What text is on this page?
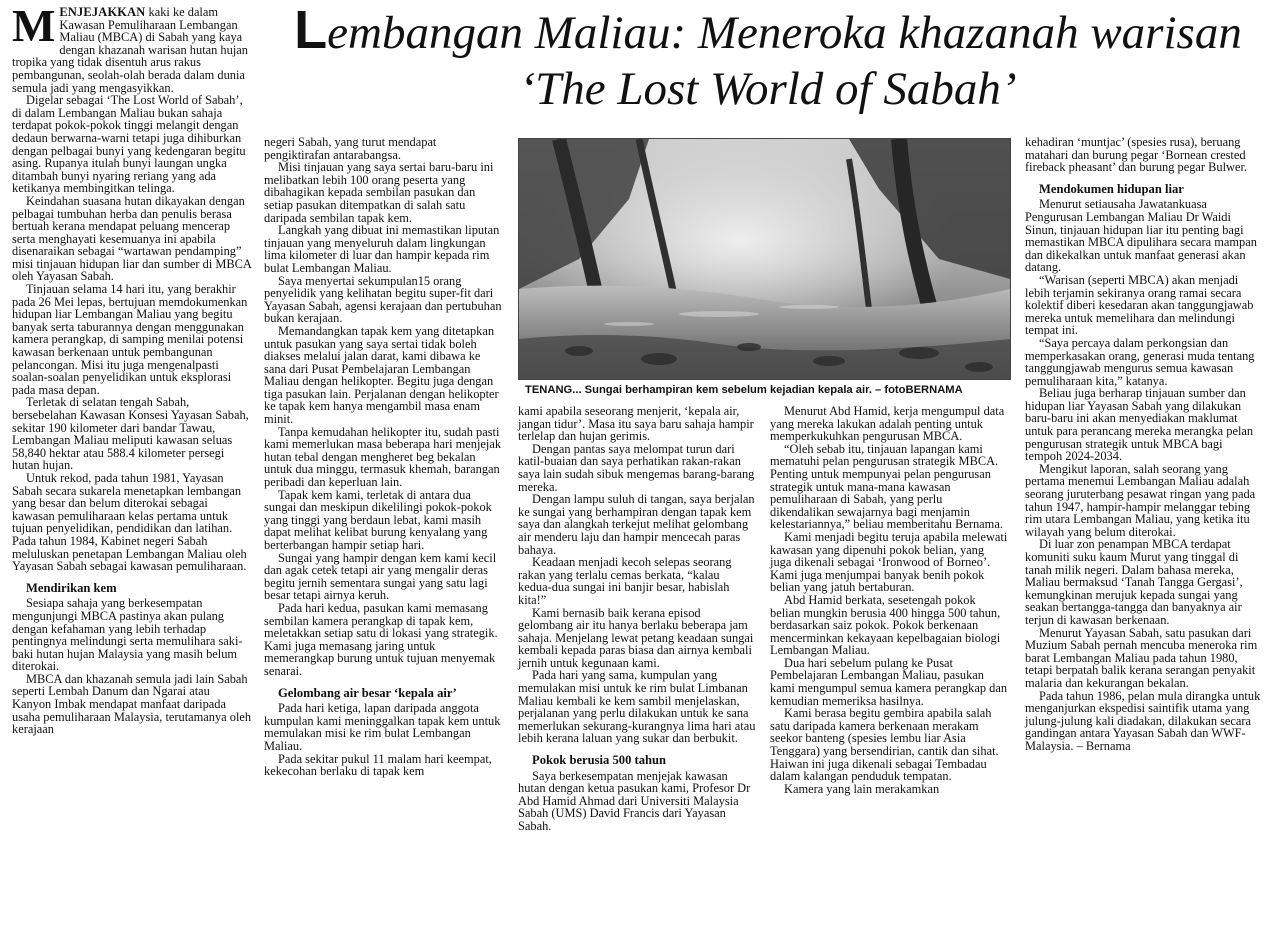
Lembangan Maliau: Meneroka khazanah warisan ‘The Lost World of Sabah’

MENJEJAKKAN kaki ke dalam Kawasan Pemuliharaan Lembangan Maliau (MBCA) di Sabah yang kaya dengan khazanah warisan hutan hujan tropika yang tidak disentuh arus rakus pembangunan, seolah-olah berada dalam dunia semula jadi yang mengasyikkan.

Digelar sebagai ‘The Lost World of Sabah’, di dalam Lembangan Maliau bukan sahaja terdapat pokok-pokok tinggi melangit dengan dedaun berwarna-warni tetapi juga dihiburkan dengan pelbagai bunyi yang kedengaran begitu asing. Rupanya itulah bunyi laungan ungka ditambah bunyi nyaring reriang yang ada ketikanya membingitkan telinga.

Keindahan suasana hutan dikayakan dengan pelbagai tumbuhan herba dan penulis berasa bertuah kerana mendapat peluang mencerap serta menghayati kesemuanya ini apabila disenaraikan sebagai “wartawan pendamping” misi tinjauan hidupan liar dan sumber di MBCA oleh Yayasan Sabah.

Tinjauan selama 14 hari itu, yang berakhir pada 26 Mei lepas, bertujuan memdokumenkan hidupan liar Lembangan Maliau yang begitu banyak serta taburannya dengan menggunakan kamera perangkap, di samping menilai potensi kawasan berkenaan untuk pembangunan pelancongan. Misi itu juga mengenalpasti soalan-soalan penyelidikan untuk eksplorasi pada masa depan.

Terletak di selatan tengah Sabah, bersebelahan Kawasan Konsesi Yayasan Sabah, sekitar 190 kilometer dari bandar Tawau, Lembangan Maliau meliputi kawasan seluas 58,840 hektar atau 588.4 kilometer persegi hutan hujan.

Untuk rekod, pada tahun 1981, Yayasan Sabah secara sukarela menetapkan lembangan yang besar dan belum diterokai sebagai kawasan pemuliharaan kelas pertama untuk tujuan penyelidikan, pendidikan dan latihan. Pada tahun 1984, Kabinet negeri Sabah meluluskan penetapan Lembangan Maliau oleh Yayasan Sabah sebagai kawasan pemuliharaan.

Mendirikan kem

Sesiapa sahaja yang berkesempatan mengunjungi MBCA pastinya akan pulang dengan kefahaman yang lebih terhadap pentingnya melindungi serta memulihara saki-baki hutan hujan Malaysia yang masih belum diterokai.

MBCA dan khazanah semula jadi lain Sabah seperti Lembah Danum dan Ngarai atau Kanyon Imbak mendapat manfaat daripada usaha pemuliharaan Malaysia, terutamanya oleh kerajaan

negeri Sabah, yang turut mendapat pengiktirafan antarabangsa.

Misi tinjauan yang saya sertai baru-baru ini melibatkan lebih 100 orang peserta yang dibahagikan kepada sembilan pasukan dan setiap pasukan ditempatkan di salah satu daripada sembilan tapak kem.

Langkah yang dibuat ini memastikan liputan tinjauan yang menyeluruh dalam lingkungan lima kilometer di luar dan hampir kepada rim bulat Lembangan Maliau.

Saya menyertai sekumpulan15 orang penyelidik yang kelihatan begitu super-fit dari Yayasan Sabah, agensi kerajaan dan pertubuhan bukan kerajaan.

Memandangkan tapak kem yang ditetapkan untuk pasukan yang saya sertai tidak boleh diakses melalui jalan darat, kami dibawa ke sana dari Pusat Pembelajaran Lembangan Maliau dengan helikopter. Begitu juga dengan tiga pasukan lain. Perjalanan dengan helikopter ke tapak kem hanya mengambil masa enam minit.

Tanpa kemudahan helikopter itu, sudah pasti kami memerlukan masa beberapa hari menjejak hutan tebal dengan mengheret beg bekalan untuk dua minggu, termasuk khemah, barangan peribadi dan keperluan lain.

Tapak kem kami, terletak di antara dua sungai dan meskipun dikelilingi pokok-pokok yang tinggi yang berdaun lebat, kami masih dapat melihat kelibat burung kenyalang yang berterbangan hampir setiap hari.

Sungai yang hampir dengan kem kami kecil dan agak cetek tetapi air yang mengalir deras begitu jernih sementara sungai yang satu lagi besar tetapi airnya keruh.

Pada hari kedua, pasukan kami memasang sembilan kamera perangkap di tapak kem, meletakkan setiap satu di lokasi yang strategik. Kami juga memasang jaring untuk memerangkap burung untuk tujuan menyemak senarai.

Gelombang air besar ‘kepala air’

Pada hari ketiga, lapan daripada anggota kumpulan kami meninggalkan tapak kem untuk memulakan misi ke rim bulat Lembangan Maliau.

Pada sekitar pukul 11 malam hari keempat, kekecohan berlaku di tapak kem

TENANG... Sungai berhampiran kem sebelum kejadian kepala air. – fotoBERNAMA

kami apabila seseorang menjerit, ‘kepala air, jangan tidur’. Masa itu saya baru sahaja hampir terlelap dan hujan gerimis.

Dengan pantas saya melompat turun dari katil-buaian dan saya perhatikan rakan-rakan saya lain sudah sibuk mengemas barang-barang mereka.

Dengan lampu suluh di tangan, saya berjalan ke sungai yang berhampiran dengan tapak kem saya dan alangkah terkejut melihat gelombang air menderu laju dan hampir mencecah paras bahaya.

Keadaan menjadi kecoh selepas seorang rakan yang terlalu cemas berkata, “kalau kedua-dua sungai ini banjir besar, habislah kita!”

Kami bernasib baik kerana episod gelombang air itu hanya berlaku beberapa jam sahaja. Menjelang lewat petang keadaan sungai kembali kepada paras biasa dan airnya kembali jernih untuk kegunaan kami.

Pada hari yang sama, kumpulan yang memulakan misi untuk ke rim bulat Limbanan Maliau kembali ke kem sambil menjelaskan, perjalanan yang perlu dilakukan untuk ke sana memerlukan sekurang-kurangnya lima hari atau lebih kerana laluan yang sukar dan berbukit.

Pokok berusia 500 tahun

Saya berkesempatan menjejak kawasan hutan dengan ketua pasukan kami, Profesor Dr Abd Hamid Ahmad dari Universiti Malaysia Sabah (UMS) David Francis dari Yayasan Sabah.

Menurut Abd Hamid, kerja mengumpul data yang mereka lakukan adalah penting untuk memperkukuhkan pengurusan MBCA.

“Oleh sebab itu, tinjauan lapangan kami mematuhi pelan pengurusan strategik MBCA. Penting untuk mempunyai pelan pengurusan strategik untuk mana-mana kawasan pemuliharaan di Sabah, yang perlu dikendalikan sewajarnya bagi menjamin kelestariannya,” beliau memberitahu Bernama.

Kami menjadi begitu teruja apabila melewati kawasan yang dipenuhi pokok belian, yang juga dikenali sebagai ‘Ironwood of Borneo’. Kami juga menjumpai banyak benih pokok belian yang jatuh bertaburan.

Abd Hamid berkata, sesetengah pokok belian mungkin berusia 400 hingga 500 tahun, berdasarkan saiz pokok. Pokok berkenaan mencerminkan kekayaan kepelbagaian biologi Lembangan Maliau.

Dua hari sebelum pulang ke Pusat Pembelajaran Lembangan Maliau, pasukan kami mengumpul semua kamera perangkap dan kemudian memeriksa hasilnya.

Kami berasa begitu gembira apabila salah satu daripada kamera berkenaan merakam seekor banteng (spesies lembu liar Asia Tenggara) yang bersendirian, cantik dan sihat. Haiwan ini juga dikenali sebagai Tembadau dalam kalangan penduduk tempatan.

Kamera yang lain merakamkan

kehadiran ‘muntjac’ (spesies rusa), beruang matahari dan burung pegar ‘Bornean crested fireback pheasant’ dan burung pegar Bulwer.

Mendokumen hidupan liar

Menurut setiausaha Jawatankuasa Pengurusan Lembangan Maliau Dr Waidi Sinun, tinjauan hidupan liar itu penting bagi memastikan MBCA dipulihara secara mampan dan dikekalkan untuk manfaat generasi akan datang.

“Warisan (seperti MBCA) akan menjadi lebih terjamin sekiranya orang ramai secara kolektif diberi kesedaran akan tanggungjawab mereka untuk memelihara dan melindungi tempat ini.

“Saya percaya dalam perkongsian dan memperkasakan orang, generasi muda tentang tanggungjawab mengurus semua kawasan pemuliharaan kita,” katanya.

Beliau juga berharap tinjauan sumber dan hidupan liar Yayasan Sabah yang dilakukan baru-baru ini akan menyediakan maklumat untuk para perancang mereka merangka pelan pengurusan strategik untuk MBCA bagi tempoh 2024-2034.

Mengikut laporan, salah seorang yang pertama menemui Lembangan Maliau adalah seorang juruterbang pesawat ringan yang pada tahun 1947, hampir-hampir melanggar tebing rim utara Lembangan Maliau, yang ketika itu wilayah yang belum diterokai.

Di luar zon penampan MBCA terdapat komuniti suku kaum Murut yang tinggal di tanah milik negeri. Dalam bahasa mereka, Maliau bermaksud ‘Tanah Tangga Gergasi’, kemungkinan merujuk kepada sungai yang seakan bertangga-tangga dan banyaknya air terjun di kawasan berkenaan.

Menurut Yayasan Sabah, satu pasukan dari Muzium Sabah pernah mencuba meneroka rim barat Lembangan Maliau pada tahun 1980, tetapi berpatah balik kerana serangan penyakit malaria dan kekurangan bekalan.

Pada tahun 1986, pelan mula dirangka untuk menganjurkan ekspedisi saintifik utama yang julung-julung kali diadakan, dilakukan secara gandingan antara Yayasan Sabah dan WWF-Malaysia. – Bernama
